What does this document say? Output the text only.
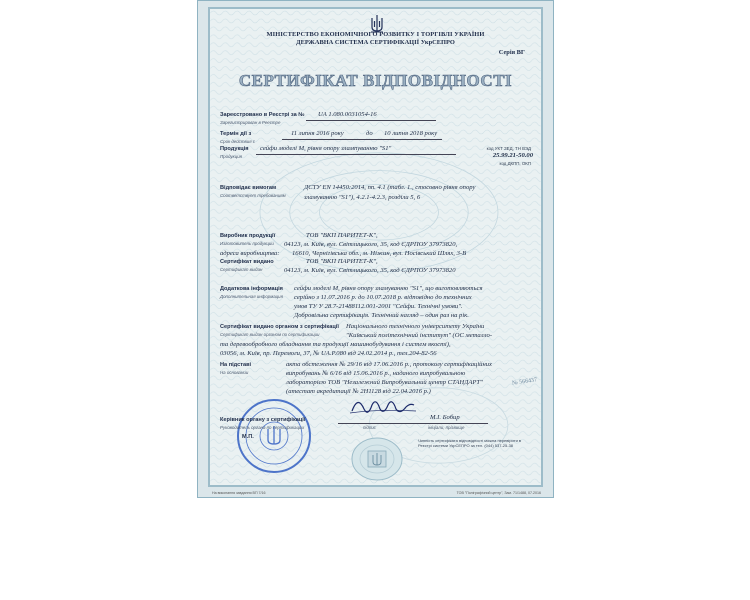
МІНІСТЕРСТВО ЕКОНОМІЧНОГО РОЗВИТКУ І ТОРГІВЛІ УКРАЇНИ
ДЕРЖАВНА СИСТЕМА СЕРТИФІКАЦІЇ УкрСЕПРО
Серія ВГ
СЕРТИФІКАТ ВІДПОВІДНОСТІ
Зареєстровано в Реєстрі за №
Зарегистрирован в Реестре
UA 1.080.0031054-16
Термін дії з
Срок действия с
11 липня 2016 року	до 10 липня 2018 року
Продукція
Продукция
сейфи моделі М, рівня опору злампуванню "S1"	код УКТ ЗЕД, ТН ВЭД
25.99.21-50.00
код ДКПП, ОКП
Відповідає вимогам
Соответствует требованиям
ДСТУ EN 14450:2014, пп. 4.1 (табл. 1., стосовно рівня опору
зламуванню "S1"), 4.2.1-4.2.3, розділи 5, 6
Виробник продукції
Изготовитель продукции
ТОВ "ВКП ПАРИТЕТ-К",
04123, м. Київ, вул. Світлицького, 35, код ЄДРПОУ 37973820,
адреса виробництва: 16610, Чернігівська обл., м. Ніжин, вул. Носівський Шлях, 3-В
Сертифікат видано
Сертификат выдан
ТОВ "ВКП ПАРИТЕТ-К",
04123, м. Київ, вул. Світлицького, 35, код ЄДРПОУ 37973820
Додаткова інформація
Дополнительная информация
сейфи моделі М, рівня опору зламуванню "S1", що виготовляються
серійно з 11.07.2016 р. до 10.07.2018 р. відповідно до технічних
умов ТУ У 28.7-21488112.001-2001 "Сейфи. Технічні умови".
Добровільна сертифікація. Технічний нагляд – один раз на рік.
Сертифікат видано органом з сертифікації
Сертификат выдан органом по сертификации
Національного технічного університету України
"Київський політехнічний інститут" (ОС металло-
та деревообробного обладнання та продукції машинобудування і систем якості),
03056, м. Київ, пр. Перемоги, 37, № UA.P.080 від 24.02.2014 р., тел.204-82-56
На підставі
На основании
акта обстеження № 29/16 від 17.06.2016 р., протоколу сертифікаційних
випробувань № 6/16 від 15.06.2016 р., наданого випробувальною
лабораторією ТОВ "Незалежний Випробувальний центр СТАНДАРТ"
(атестат акредитації № 2Н1128 від 22.04.2016 р.)
№ 566437
Керівник органу з сертифікації
Руководитель органа по сертификации
М.П.
М.І. Бобир
підпис	ініціали, прізвище
Чинність сертифіката відповідності можна перевірити в Реєстрі системи УкрСЕПРО за тел. (044) 537-25-38
На виконання завдання ВП 7/16	ТОВ "Поліграфічний центр", Зам. 71/1488, 07.2016
